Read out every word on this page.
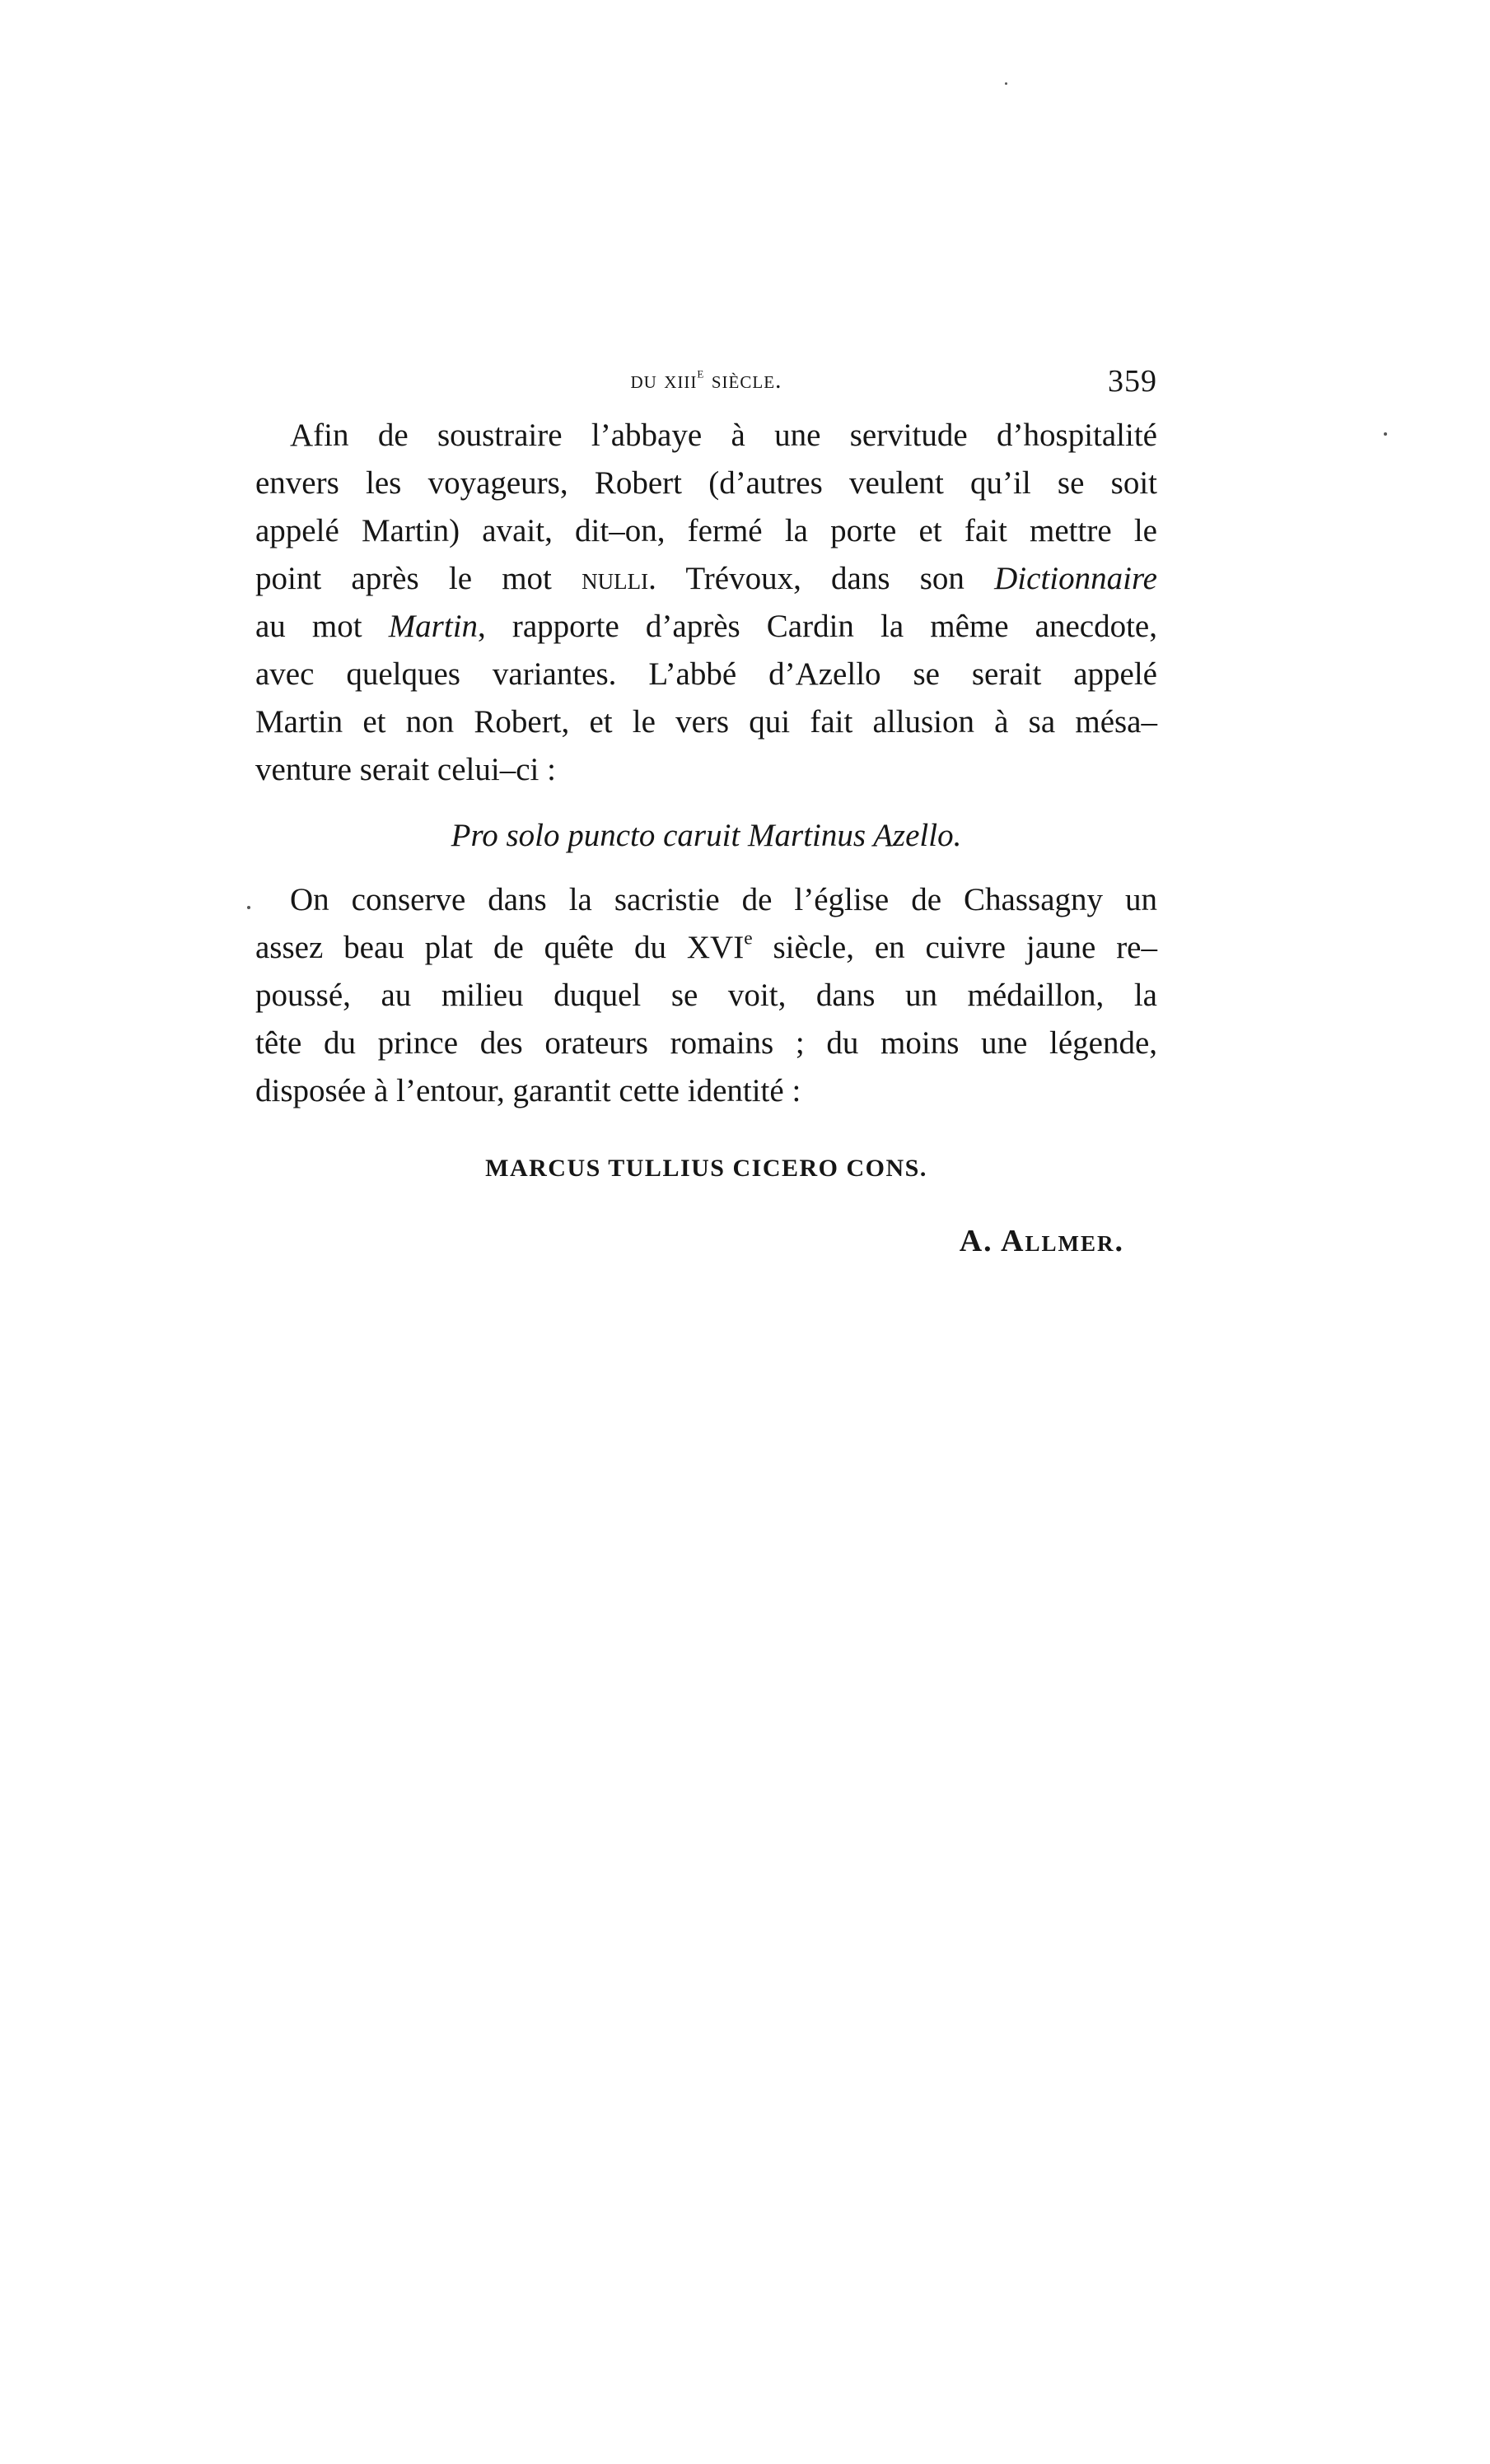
du xiii$^e$ siècle.	359
Afin de soustraire l’abbaye à une servitude d’hospitalité
envers les voyageurs, Robert (d’autres veulent qu’il se soit
appelé Martin) avait, dit–on, fermé la porte et fait mettre le
point après le mot nulli. Trévoux, dans son Dictionnaire
au mot Martin, rapporte d’après Cardin la même anecdote,
avec quelques variantes. L’abbé d’Azello se serait appelé
Martin et non Robert, et le vers qui fait allusion à sa mésa–
venture serait celui–ci :
Pro solo puncto caruit Martinus Azello.
On conserve dans la sacristie de l’église de Chassagny un
assez beau plat de quête du XVIe siècle, en cuivre jaune re–
poussé, au milieu duquel se voit, dans un médaillon, la
tête du prince des orateurs romains ; du moins une légende,
disposée à l’entour, garantit cette identité :
MARCUS TULLIUS CICERO CONS.
A. Allmer.
